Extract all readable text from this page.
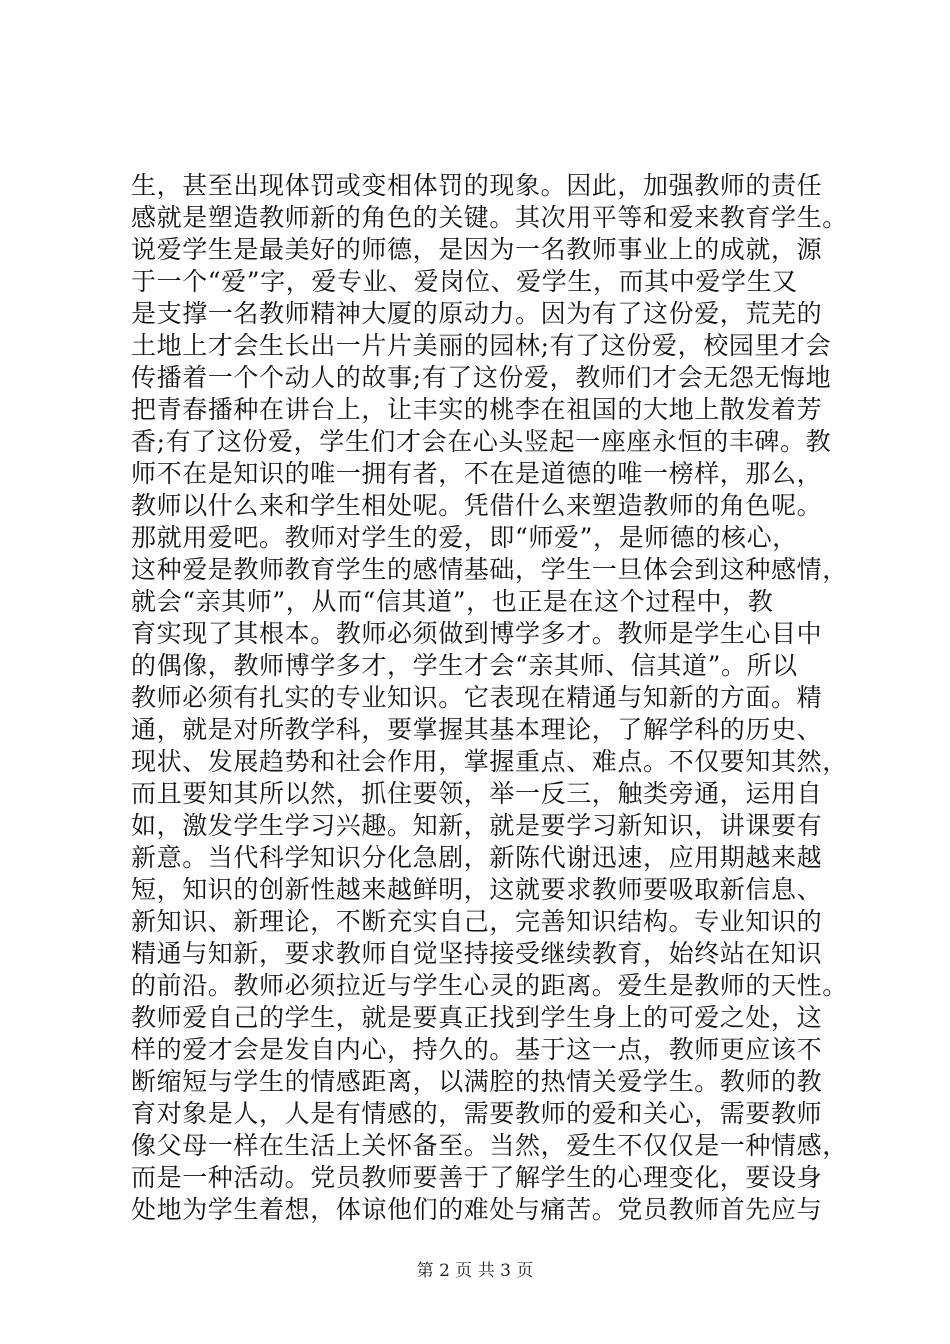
生，甚至出现体罚或变相体罚的现象。因此，加强教师的责任
感就是塑造教师新的角色的关键。其次用平等和爱来教育学生。
说爱学生是最美好的师德，是因为一名教师事业上的成就，源
于一个“爱”字，爱专业、爱岗位、爱学生，而其中爱学生又
是支撑一名教师精神大厦的原动力。因为有了这份爱，荒芜的
土地上才会生长出一片片美丽的园林;有了这份爱，校园里才会
传播着一个个动人的故事;有了这份爱，教师们才会无怨无悔地
把青春播种在讲台上，让丰实的桃李在祖国的大地上散发着芳
香;有了这份爱，学生们才会在心头竖起一座座永恒的丰碑。教
师不在是知识的唯一拥有者，不在是道德的唯一榜样，那么，
教师以什么来和学生相处呢。凭借什么来塑造教师的角色呢。
那就用爱吧。教师对学生的爱，即“师爱”，是师德的核心，
这种爱是教师教育学生的感情基础，学生一旦体会到这种感情，
就会“亲其师”，从而“信其道”，也正是在这个过程中，教
育实现了其根本。教师必须做到博学多才。教师是学生心目中
的偶像，教师博学多才，学生才会“亲其师、信其道”。所以
教师必须有扎实的专业知识。它表现在精通与知新的方面。精
通，就是对所教学科，要掌握其基本理论，了解学科的历史、
现状、发展趋势和社会作用，掌握重点、难点。不仅要知其然，
而且要知其所以然，抓住要领，举一反三，触类旁通，运用自
如，激发学生学习兴趣。知新，就是要学习新知识，讲课要有
新意。当代科学知识分化急剧，新陈代谢迅速，应用期越来越
短，知识的创新性越来越鲜明，这就要求教师要吸取新信息、
新知识、新理论，不断充实自己，完善知识结构。专业知识的
精通与知新，要求教师自觉坚持接受继续教育，始终站在知识
的前沿。教师必须拉近与学生心灵的距离。爱生是教师的天性。
教师爱自己的学生，就是要真正找到学生身上的可爱之处，这
样的爱才会是发自内心，持久的。基于这一点，教师更应该不
断缩短与学生的情感距离，以满腔的热情关爱学生。教师的教
育对象是人，人是有情感的，需要教师的爱和关心，需要教师
像父母一样在生活上关怀备至。当然，爱生不仅仅是一种情感，
而是一种活动。党员教师要善于了解学生的心理变化，要设身
处地为学生着想，体谅他们的难处与痛苦。党员教师首先应与
第 2 页 共 3 页
